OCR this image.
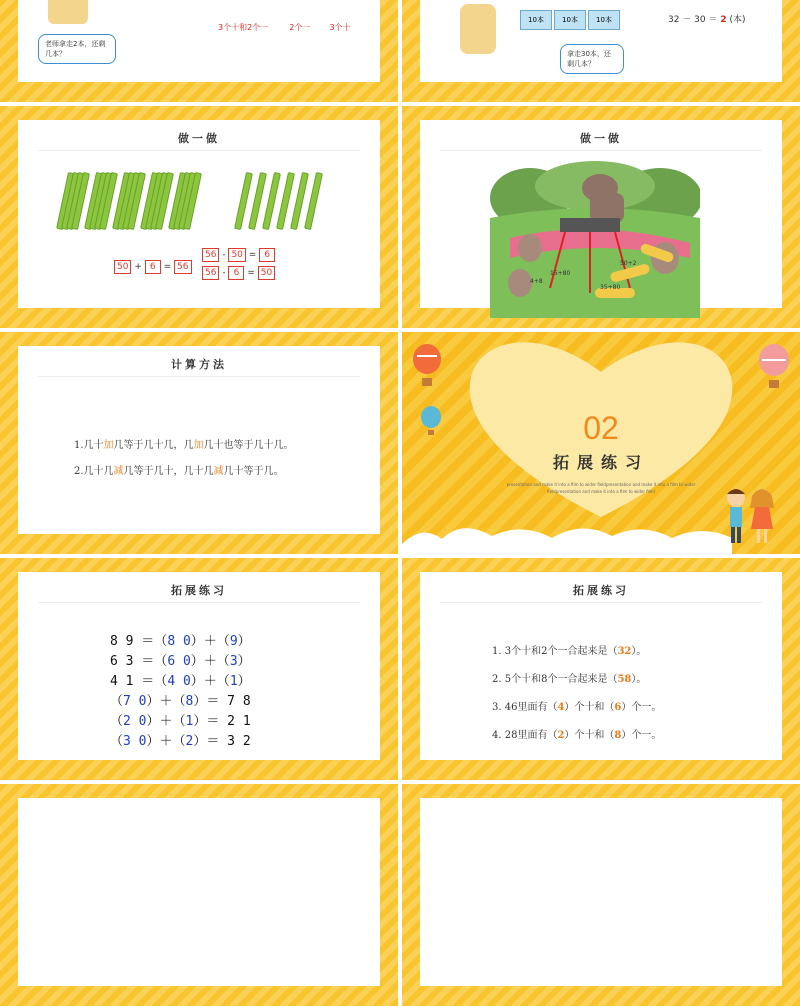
老师拿走2本，还剩几本？
3个十和2个一	2个一 3个十
10本	10本	10本	32 － 30 ＝ 2 (本)
拿走30本，还剩几本？
做一做
50 + 6 = 56
56 - 50 = 6
56 - 6 = 50
做一做
50+2
4+8
35+80
15+80
计算方法
1.几十加几等于几十几，几加几十也等于几十几。
2.几十几减几等于几十，几十几减几十等于几。
02
拓展练习
presentation and make it into a film to wider fieldpresentation and make it into a film to wider
fieldpresentation and make it into a film to wider field
拓展练习
8 9 ＝（8 0）＋（9）
6 3 ＝（6 0）＋（3）
4 1 ＝（4 0）＋（1）
（7 0）＋（8）＝ 7 8
（2 0）＋（1）＝ 2 1
（3 0）＋（2）＝ 3 2
拓展练习
1. 3个十和2个一合起来是（32）。
2. 5个十和8个一合起来是（58）。
3. 46里面有（4）个十和（6）个一。
4. 28里面有（2）个十和（8）个一。
